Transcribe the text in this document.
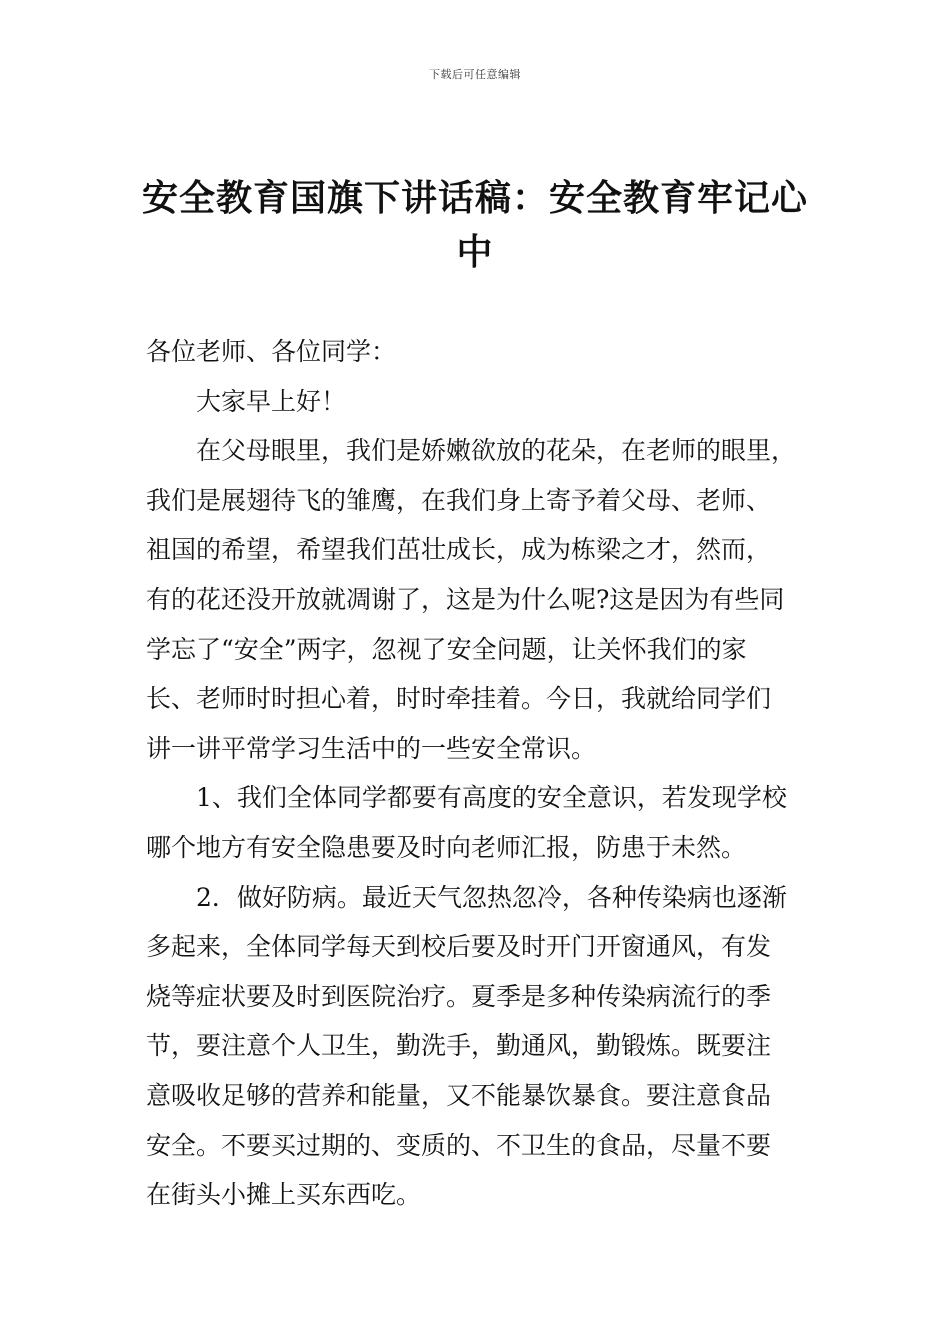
下载后可任意编辑
安全教育国旗下讲话稿：安全教育牢记心中

各位老师、各位同学：

大家早上好！

在父母眼里，我们是娇嫩欲放的花朵，在老师的眼里，
我们是展翅待飞的雏鹰，在我们身上寄予着父母、老师、
祖国的希望，希望我们茁壮成长，成为栋梁之才，然而，
有的花还没开放就凋谢了，这是为什么呢?这是因为有些同
学忘了“安全”两字，忽视了安全问题，让关怀我们的家
长、老师时时担心着，时时牵挂着。今日，我就给同学们
讲一讲平常学习生活中的一些安全常识。

1、我们全体同学都要有高度的安全意识，若发现学校
哪个地方有安全隐患要及时向老师汇报，防患于未然。

2．做好防病。最近天气忽热忽冷，各种传染病也逐渐
多起来，全体同学每天到校后要及时开门开窗通风，有发
烧等症状要及时到医院治疗。夏季是多种传染病流行的季
节，要注意个人卫生，勤洗手，勤通风，勤锻炼。既要注
意吸收足够的营养和能量，又不能暴饮暴食。要注意食品
安全。不要买过期的、变质的、不卫生的食品，尽量不要
在街头小摊上买东西吃。
